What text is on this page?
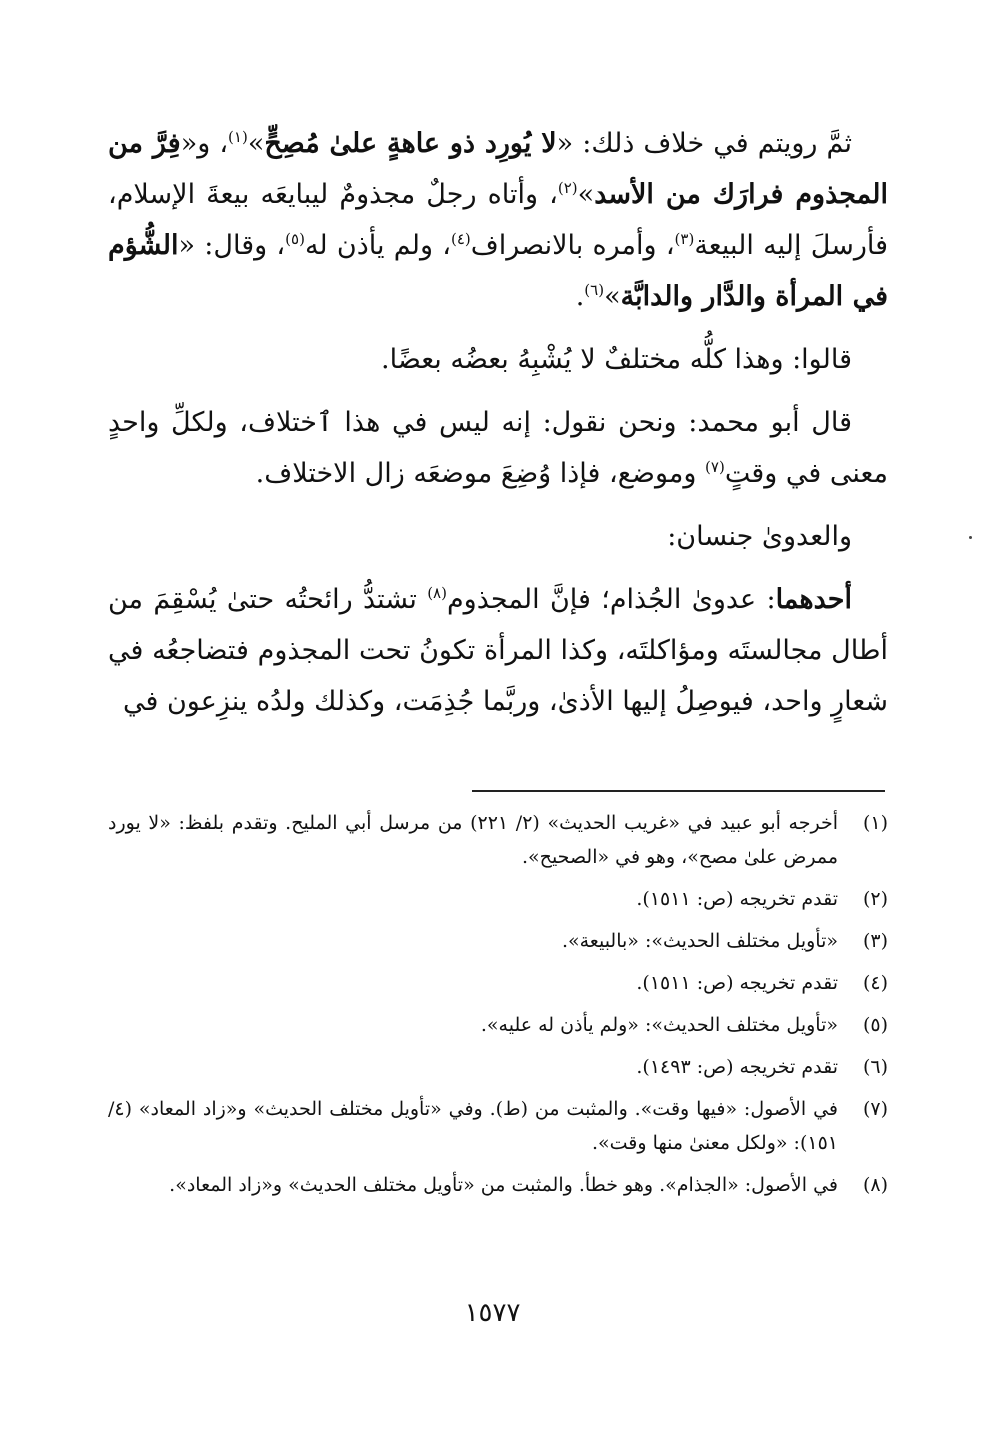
ثمَّ رويتم في خلاف ذلك: «لا يُورِد ذو عاهةٍ علىٰ مُصِحٍّ»$^{(١)}$، و«فِرَّ من المجذوم فرارَك من الأسد»$^{(٢)}$، وأتاه رجلٌ مجذومٌ ليبايعَه بيعةَ الإسلام، فأرسلَ إليه البيعة$^{(٣)}$، وأمره بالانصراف$^{(٤)}$، ولم يأذن له$^{(٥)}$، وقال: «الشُّؤم في المرأة والدَّار والدابَّة»$^{(٦)}$.

قالوا: وهذا كلُّه مختلفٌ لا يُشْبِهُ بعضُه بعضًا.

قال أبو محمد: ونحن نقول: إنه ليس في هذا ٱختلاف، ولكلِّ واحدٍ معنى في وقتٍ$^{(٧)}$ وموضع، فإذا وُضِعَ موضعَه زال الاختلاف.

والعدوىٰ جنسان:

أحدهما: عدوىٰ الجُذام؛ فإنَّ المجذوم$^{(٨)}$ تشتدُّ رائحتُه حتىٰ يُسْقِمَ من أطال مجالستَه ومؤاكلتَه، وكذا المرأة تكونُ تحت المجذوم فتضاجعُه في شعارٍ واحد، فيوصِلُ إليها الأذىٰ، وربَّما جُذِمَت، وكذلك ولدُه ينزِعون في

(١)
أخرجه أبو عبيد في «غريب الحديث» (٢/ ٢٢١) من مرسل أبي المليح. وتقدم بلفظ: «لا يورد ممرض علىٰ مصح»، وهو في «الصحيح».
(٢)
تقدم تخريجه (ص: ١٥١١).
(٣)
«تأويل مختلف الحديث»: «بالبيعة».
(٤)
تقدم تخريجه (ص: ١٥١١).
(٥)
«تأويل مختلف الحديث»: «ولم يأذن له عليه».
(٦)
تقدم تخريجه (ص: ١٤٩٣).
(٧)
في الأصول: «فيها وقت». والمثبت من (ط). وفي «تأويل مختلف الحديث» و«زاد المعاد» (٤/ ١٥١): «ولكل معنىٰ منها وقت».
(٨)
في الأصول: «الجذام». وهو خطأ. والمثبت من «تأويل مختلف الحديث» و«زاد المعاد».
١٥٧٧
